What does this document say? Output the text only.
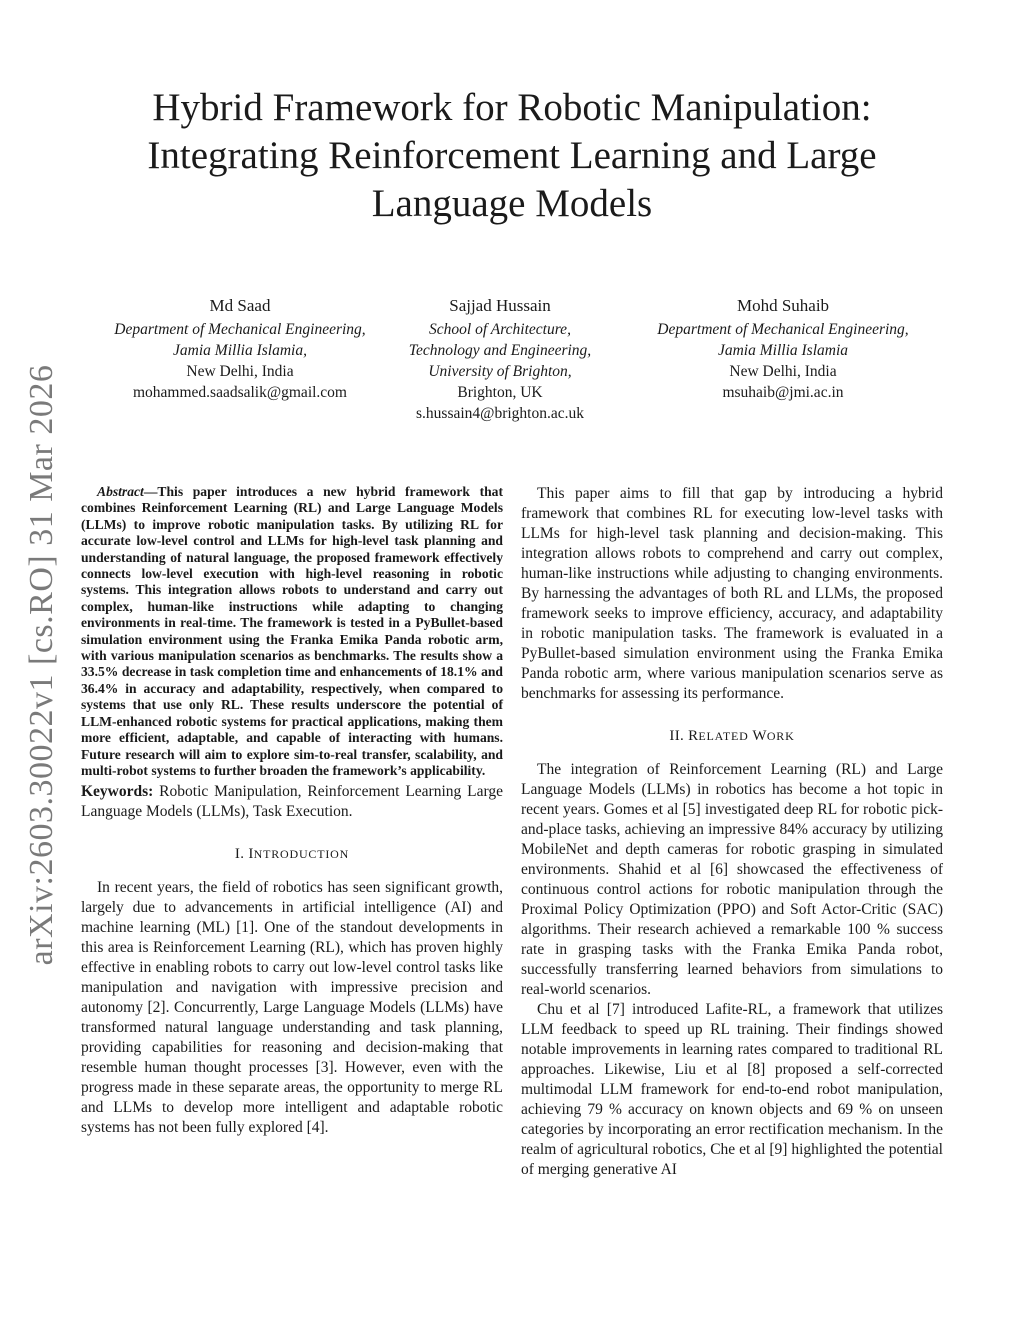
arXiv:2603.30022v1 [cs.RO] 31 Mar 2026
Hybrid Framework for Robotic Manipulation:
Integrating Reinforcement Learning and Large
Language Models
Md Saad
Department of Mechanical Engineering,
Jamia Millia Islamia,
New Delhi, India
mohammed.saadsalik@gmail.com
Sajjad Hussain
School of Architecture,
Technology and Engineering,
University of Brighton,
Brighton, UK
s.hussain4@brighton.ac.uk
Mohd Suhaib
Department of Mechanical Engineering,
Jamia Millia Islamia
New Delhi, India
msuhaib@jmi.ac.in

Abstract—This paper introduces a new hybrid framework that combines Reinforcement Learning (RL) and Large Language Models (LLMs) to improve robotic manipulation tasks. By utilizing RL for accurate low-level control and LLMs for high-level task planning and understanding of natural language, the proposed framework effectively connects low-level execution with high-level reasoning in robotic systems. This integration allows robots to understand and carry out complex, human-like instructions while adapting to changing environments in real-time. The framework is tested in a PyBullet-based simulation environment using the Franka Emika Panda robotic arm, with various manipulation scenarios as benchmarks. The results show a 33.5% decrease in task completion time and enhancements of 18.1% and 36.4% in accuracy and adaptability, respectively, when compared to systems that use only RL. These results underscore the potential of LLM-enhanced robotic systems for practical applications, making them more efficient, adaptable, and capable of interacting with humans. Future research will aim to explore sim-to-real transfer, scalability, and multi-robot systems to further broaden the framework’s applicability.

Keywords: Robotic Manipulation, Reinforcement Learning Large Language Models (LLMs), Task Execution.

I. INTRODUCTION

In recent years, the field of robotics has seen significant growth, largely due to advancements in artificial intelligence (AI) and machine learning (ML) [1]. One of the standout developments in this area is Reinforcement Learning (RL), which has proven highly effective in enabling robots to carry out low-level control tasks like manipulation and navigation with impressive precision and autonomy [2]. Concurrently, Large Language Models (LLMs) have transformed natural language understanding and task planning, providing capabilities for reasoning and decision-making that resemble human thought processes [3]. However, even with the progress made in these separate areas, the opportunity to merge RL and LLMs to develop more intelligent and adaptable robotic systems has not been fully explored [4].

This paper aims to fill that gap by introducing a hybrid framework that combines RL for executing low-level tasks with LLMs for high-level task planning and decision-making. This integration allows robots to comprehend and carry out complex, human-like instructions while adjusting to changing environments. By harnessing the advantages of both RL and LLMs, the proposed framework seeks to improve efficiency, accuracy, and adaptability in robotic manipulation tasks. The framework is evaluated in a PyBullet-based simulation environment using the Franka Emika Panda robotic arm, where various manipulation scenarios serve as benchmarks for assessing its performance.

II. RELATED WORK

The integration of Reinforcement Learning (RL) and Large Language Models (LLMs) in robotics has become a hot topic in recent years. Gomes et al [5] investigated deep RL for robotic pick-and-place tasks, achieving an impressive 84% accuracy by utilizing MobileNet and depth cameras for robotic grasping in simulated environments. Shahid et al [6] showcased the effectiveness of continuous control actions for robotic manipulation through the Proximal Policy Optimization (PPO) and Soft Actor-Critic (SAC) algorithms. Their research achieved a remarkable 100 % success rate in grasping tasks with the Franka Emika Panda robot, successfully transferring learned behaviors from simulations to real-world scenarios.

Chu et al [7] introduced Lafite-RL, a framework that utilizes LLM feedback to speed up RL training. Their findings showed notable improvements in learning rates compared to traditional RL approaches. Likewise, Liu et al [8] proposed a self-corrected multimodal LLM framework for end-to-end robot manipulation, achieving 79 % accuracy on known objects and 69 % on unseen categories by incorporating an error rectification mechanism. In the realm of agricultural robotics, Che et al [9] highlighted the potential of merging generative AI
